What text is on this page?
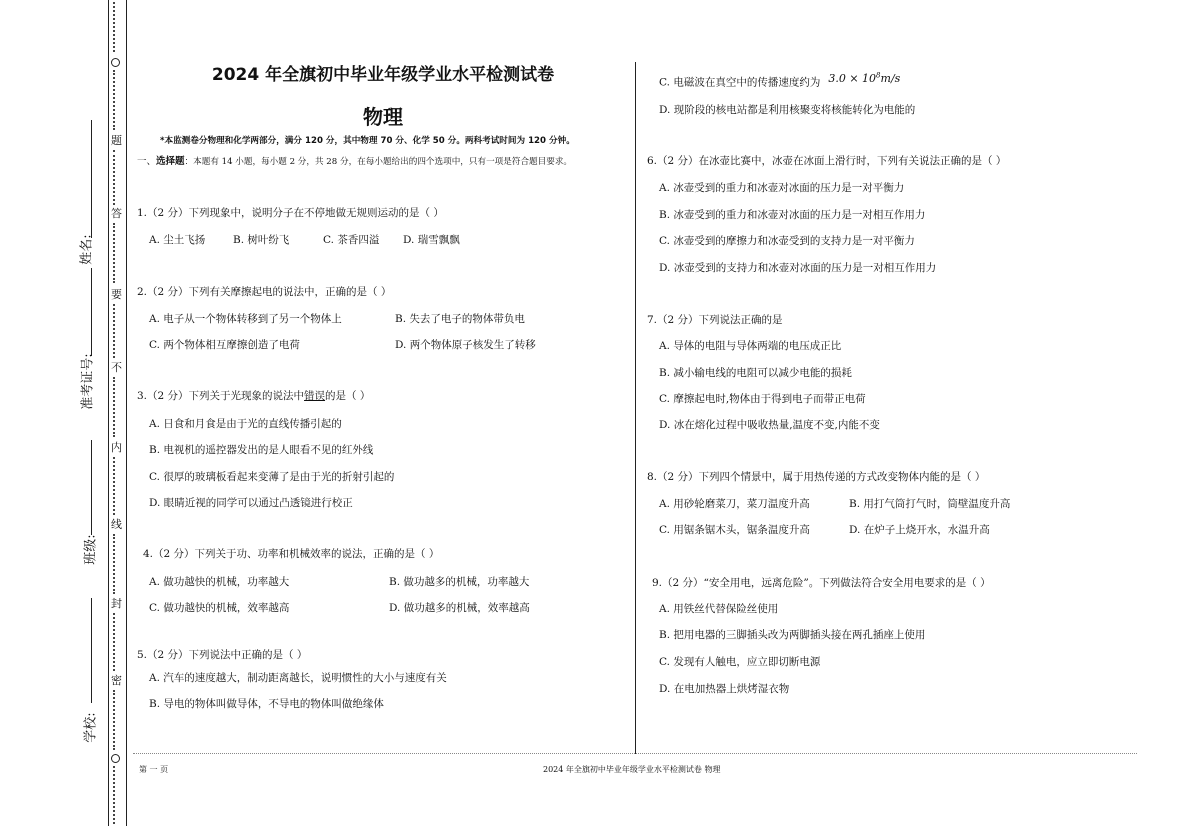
题
答
要
不
内
线
封
密
姓名:
准考证号:
班级:
学校:
2024 年全旗初中毕业年级学业水平检测试卷
物理
*本监测卷分物理和化学两部分，满分 120 分，其中物理 70 分、化学 50 分。两科考试时间为 120 分钟。
一、选择题：本题有 14 小题，每小题 2 分，共 28 分，在每小题给出的四个选项中，只有一项是符合题目要求。
1.（2 分）下列现象中，说明分子在不停地做无规则运动的是（ ）
A. 尘土飞扬	B. 树叶纷飞	C. 茶香四溢 D. 瑞雪飘飘
2.（2 分）下列有关摩擦起电的说法中，正确的是（ ）
A. 电子从一个物体转移到了另一个物体上	B. 失去了电子的物体带负电
C. 两个物体相互摩擦创造了电荷	D. 两个物体原子核发生了转移
3.（2 分）下列关于光现象的说法中错误的是（ ）
A. 日食和月食是由于光的直线传播引起的
B. 电视机的遥控器发出的是人眼看不见的红外线
C. 很厚的玻璃板看起来变薄了是由于光的折射引起的
D. 眼睛近视的同学可以通过凸透镜进行校正
4.（2 分）下列关于功、功率和机械效率的说法，正确的是（ ）
A. 做功越快的机械，功率越大	B. 做功越多的机械，功率越大
C. 做功越快的机械，效率越高	D. 做功越多的机械，效率越高
5.（2 分）下列说法中正确的是（ ）
A. 汽车的速度越大，制动距离越长，说明惯性的大小与速度有关
B. 导电的物体叫做导体，不导电的物体叫做绝缘体
C. 电磁波在真空中的传播速度约为 $3.0 \times 10^8m/s$
D. 现阶段的核电站都是利用核聚变将核能转化为电能的
6.（2 分）在冰壶比赛中，冰壶在冰面上滑行时，下列有关说法正确的是（ ）
A. 冰壶受到的重力和冰壶对冰面的压力是一对平衡力
B. 冰壶受到的重力和冰壶对冰面的压力是一对相互作用力
C. 冰壶受到的摩擦力和冰壶受到的支持力是一对平衡力
D. 冰壶受到的支持力和冰壶对冰面的压力是一对相互作用力
7.（2 分）下列说法正确的是
A. 导体的电阻与导体两端的电压成正比
B. 减小输电线的电阻可以减少电能的损耗
C. 摩擦起电时,物体由于得到电子而带正电荷
D. 冰在熔化过程中吸收热量,温度不变,内能不变
8.（2 分）下列四个情景中，属于用热传递的方式改变物体内能的是（ ）
A. 用砂轮磨菜刀，菜刀温度升高	B. 用打气筒打气时，筒壁温度升高
C. 用锯条锯木头，锯条温度升高	D. 在炉子上烧开水，水温升高
9.（2 分）“安全用电，远离危险”。下列做法符合安全用电要求的是（ ）
A. 用铁丝代替保险丝使用
B. 把用电器的三脚插头改为两脚插头接在两孔插座上使用
C. 发现有人触电，应立即切断电源
D. 在电加热器上烘烤湿衣物
第 一 页	2024 年全旗初中毕业年级学业水平检测试卷 物理
